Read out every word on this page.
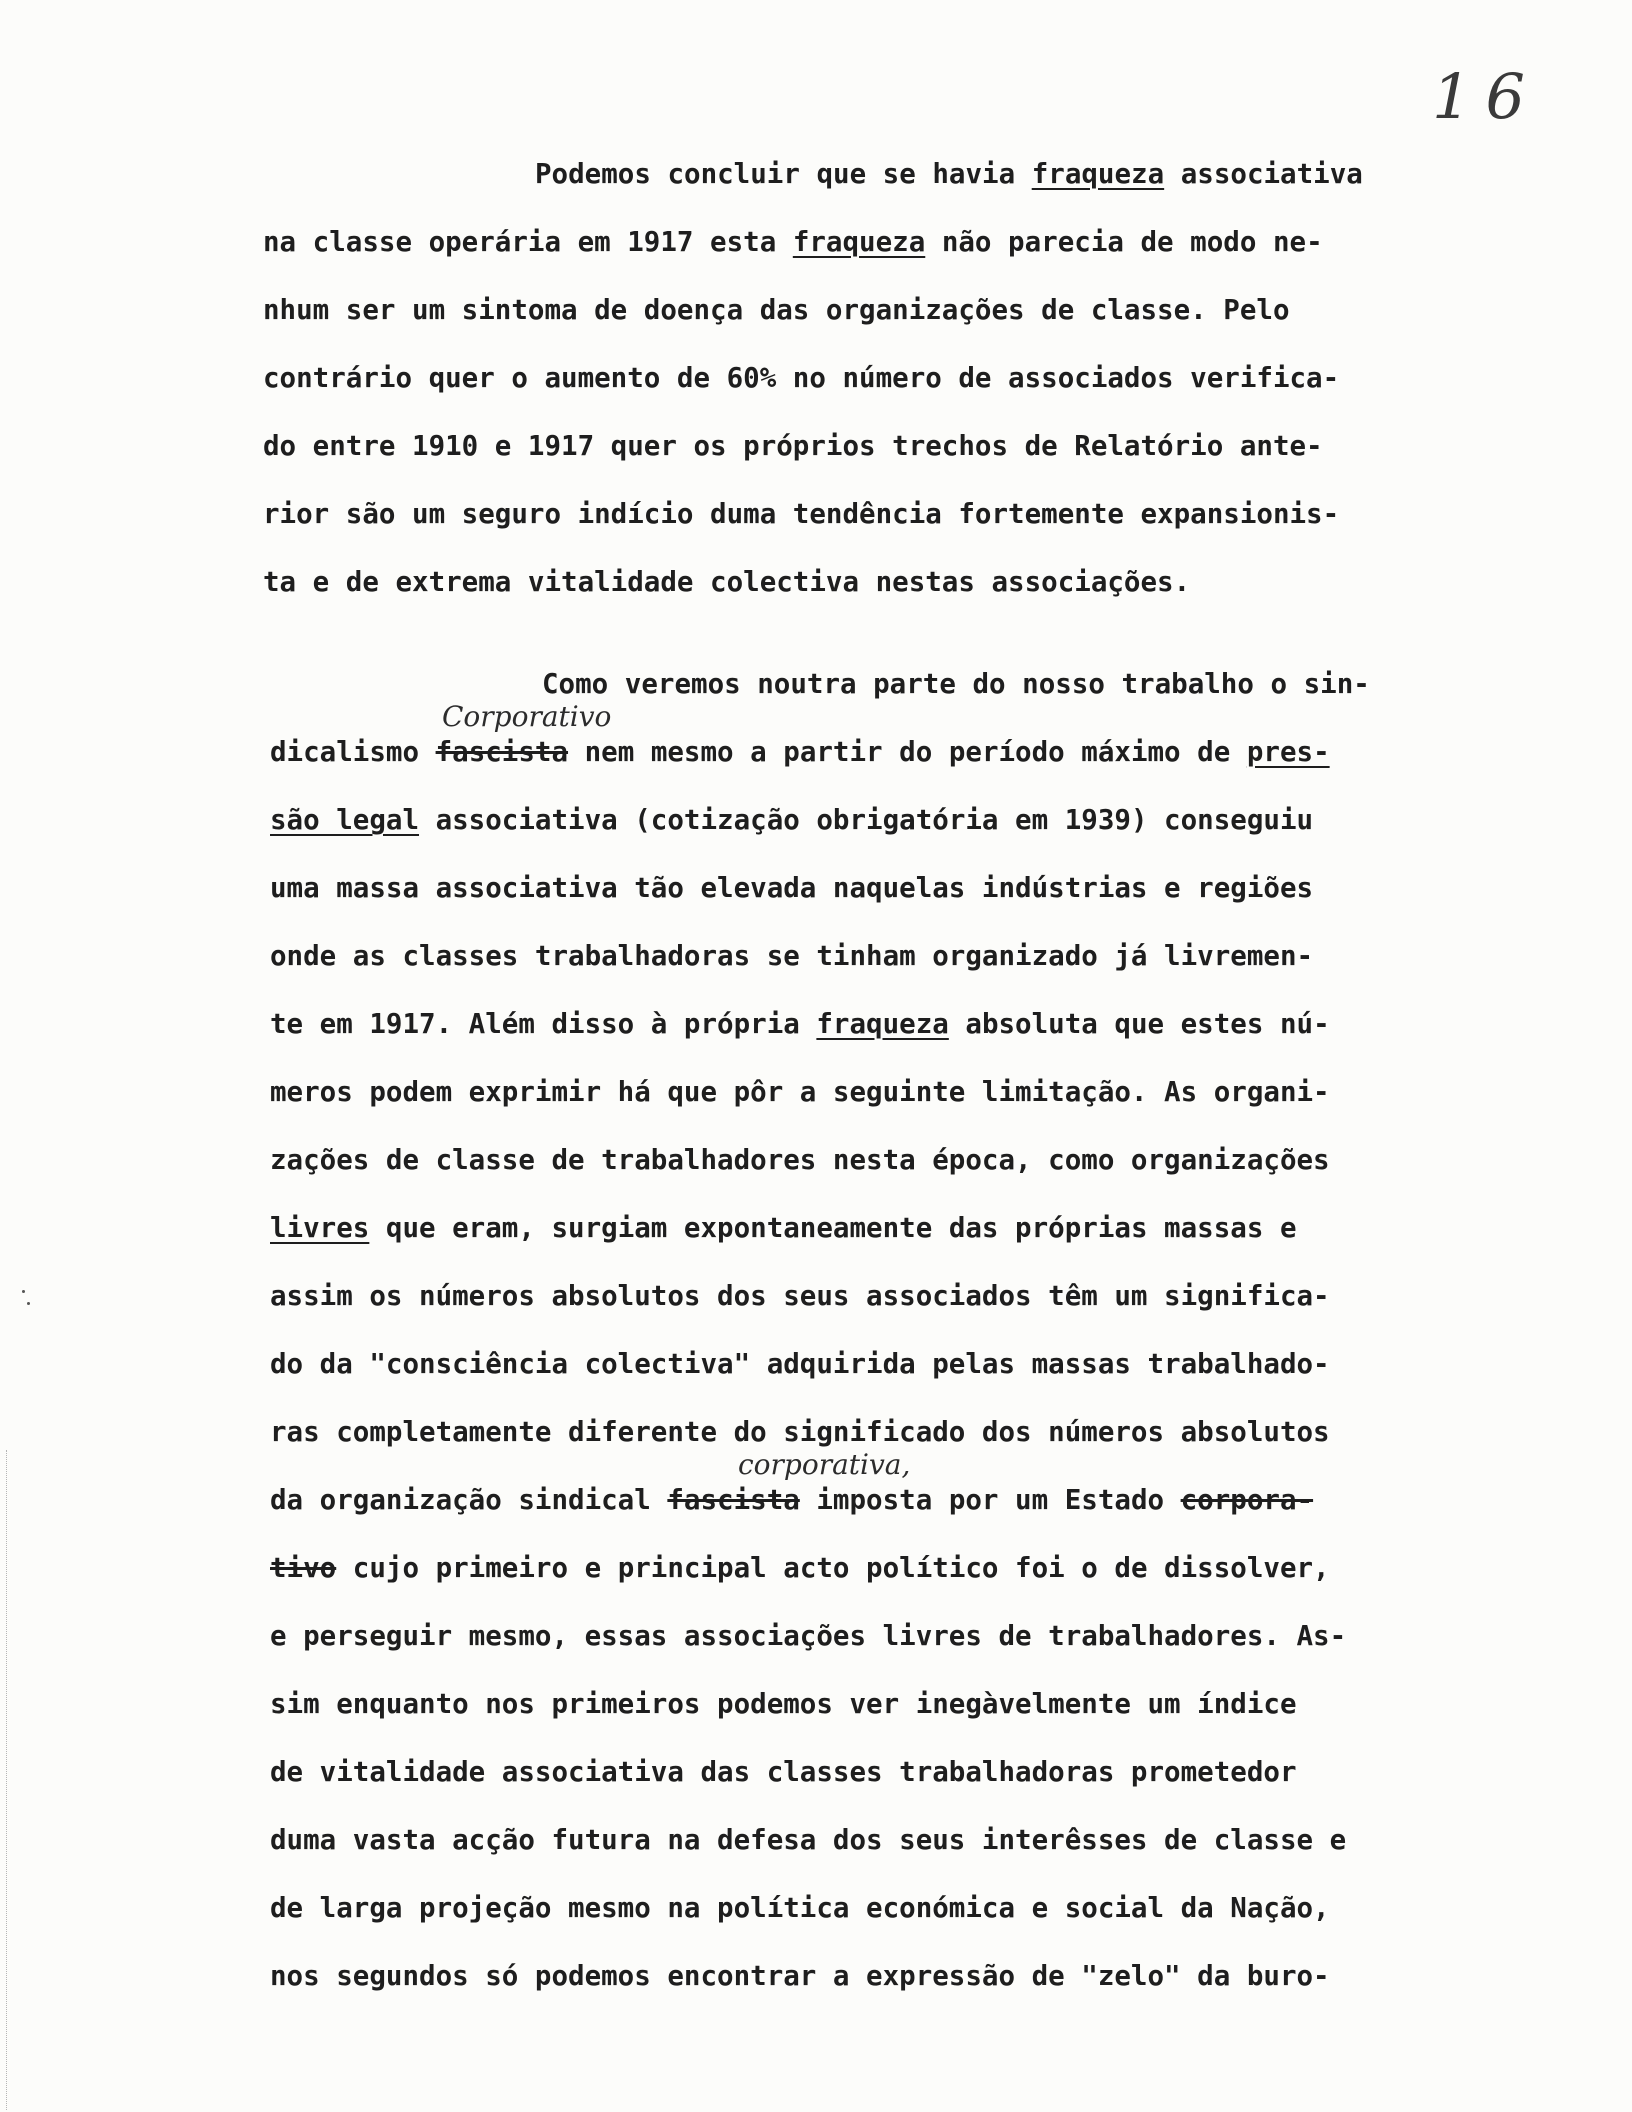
16
Podemos concluir que se havia fraqueza associativa
na classe operária em 1917 esta fraqueza não parecia de modo ne-
nhum ser um sintoma de doença das organizações de classe. Pelo
contrário quer o aumento de 60% no número de associados verifica-
do entre 1910 e 1917 quer os próprios trechos de Relatório ante-
rior são um seguro indício duma tendência fortemente expansionis-
ta e de extrema vitalidade colectiva nestas associações.
Corporativo
Como veremos noutra parte do nosso trabalho o sin-
dicalismo fascista nem mesmo a partir do período máximo de pres-
são legal associativa (cotização obrigatória em 1939) conseguiu
uma massa associativa tão elevada naquelas indústrias e regiões
onde as classes trabalhadoras se tinham organizado já livremen-
te em 1917. Além disso à própria fraqueza absoluta que estes nú-
meros podem exprimir há que pôr a seguinte limitação. As organi-
zações de classe de trabalhadores nesta época, como organizações
livres que eram, surgiam expontaneamente das próprias massas e
assim os números absolutos dos seus associados têm um significa-
do da "consciência colectiva" adquirida pelas massas trabalhado-
ras completamente diferente do significado dos números absolutos
corporativa,
da organização sindical fascista imposta por um Estado corpora-
tivo cujo primeiro e principal acto político foi o de dissolver,
e perseguir mesmo, essas associações livres de trabalhadores. As-
sim enquanto nos primeiros podemos ver inegàvelmente um índice
de vitalidade associativa das classes trabalhadoras prometedor
duma vasta acção futura na defesa dos seus interêsses de classe e
de larga projeção mesmo na política económica e social da Nação,
nos segundos só podemos encontrar a expressão de "zelo" da buro-
